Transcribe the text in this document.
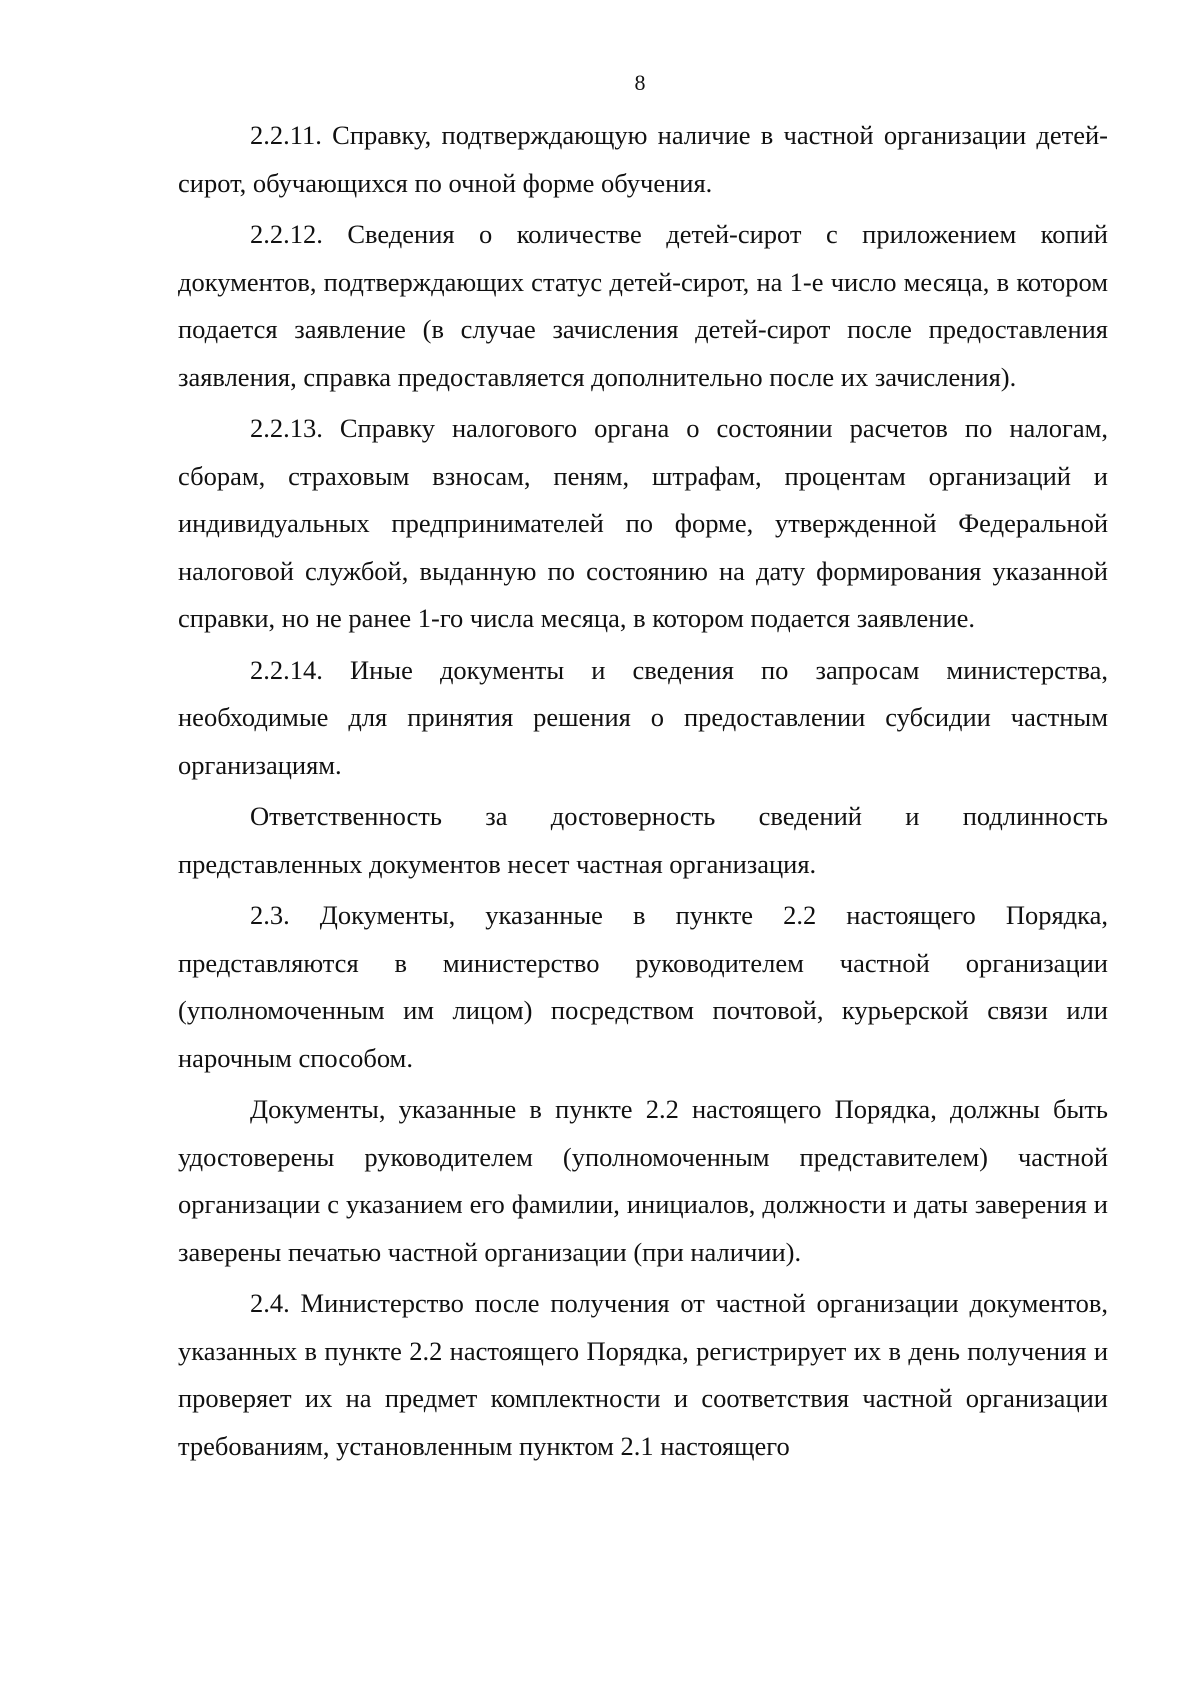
8

2.2.11. Справку, подтверждающую наличие в частной организации детей-сирот, обучающихся по очной форме обучения.

2.2.12. Сведения о количестве детей-сирот с приложением копий документов, подтверждающих статус детей-сирот, на 1-е число месяца, в котором подается заявление (в случае зачисления детей-сирот после предоставления заявления, справка предоставляется дополнительно после их зачисления).

2.2.13. Справку налогового органа о состоянии расчетов по налогам, сборам, страховым взносам, пеням, штрафам, процентам организаций и индивидуальных предпринимателей по форме, утвержденной Федеральной налоговой службой, выданную по состоянию на дату формирования указанной справки, но не ранее 1-го числа месяца, в котором подается заявление.

2.2.14. Иные документы и сведения по запросам министерства, необходимые для принятия решения о предоставлении субсидии частным организациям.

Ответственность за достоверность сведений и подлинность представленных документов несет частная организация.

2.3. Документы, указанные в пункте 2.2 настоящего Порядка, представляются в министерство руководителем частной организации (уполномоченным им лицом) посредством почтовой, курьерской связи или нарочным способом.

Документы, указанные в пункте 2.2 настоящего Порядка, должны быть удостоверены руководителем (уполномоченным представителем) частной организации с указанием его фамилии, инициалов, должности и даты заверения и заверены печатью частной организации (при наличии).

2.4. Министерство после получения от частной организации документов, указанных в пункте 2.2 настоящего Порядка, регистрирует их в день получения и проверяет их на предмет комплектности и соответствия частной организации требованиям, установленным пунктом 2.1 настоящего
